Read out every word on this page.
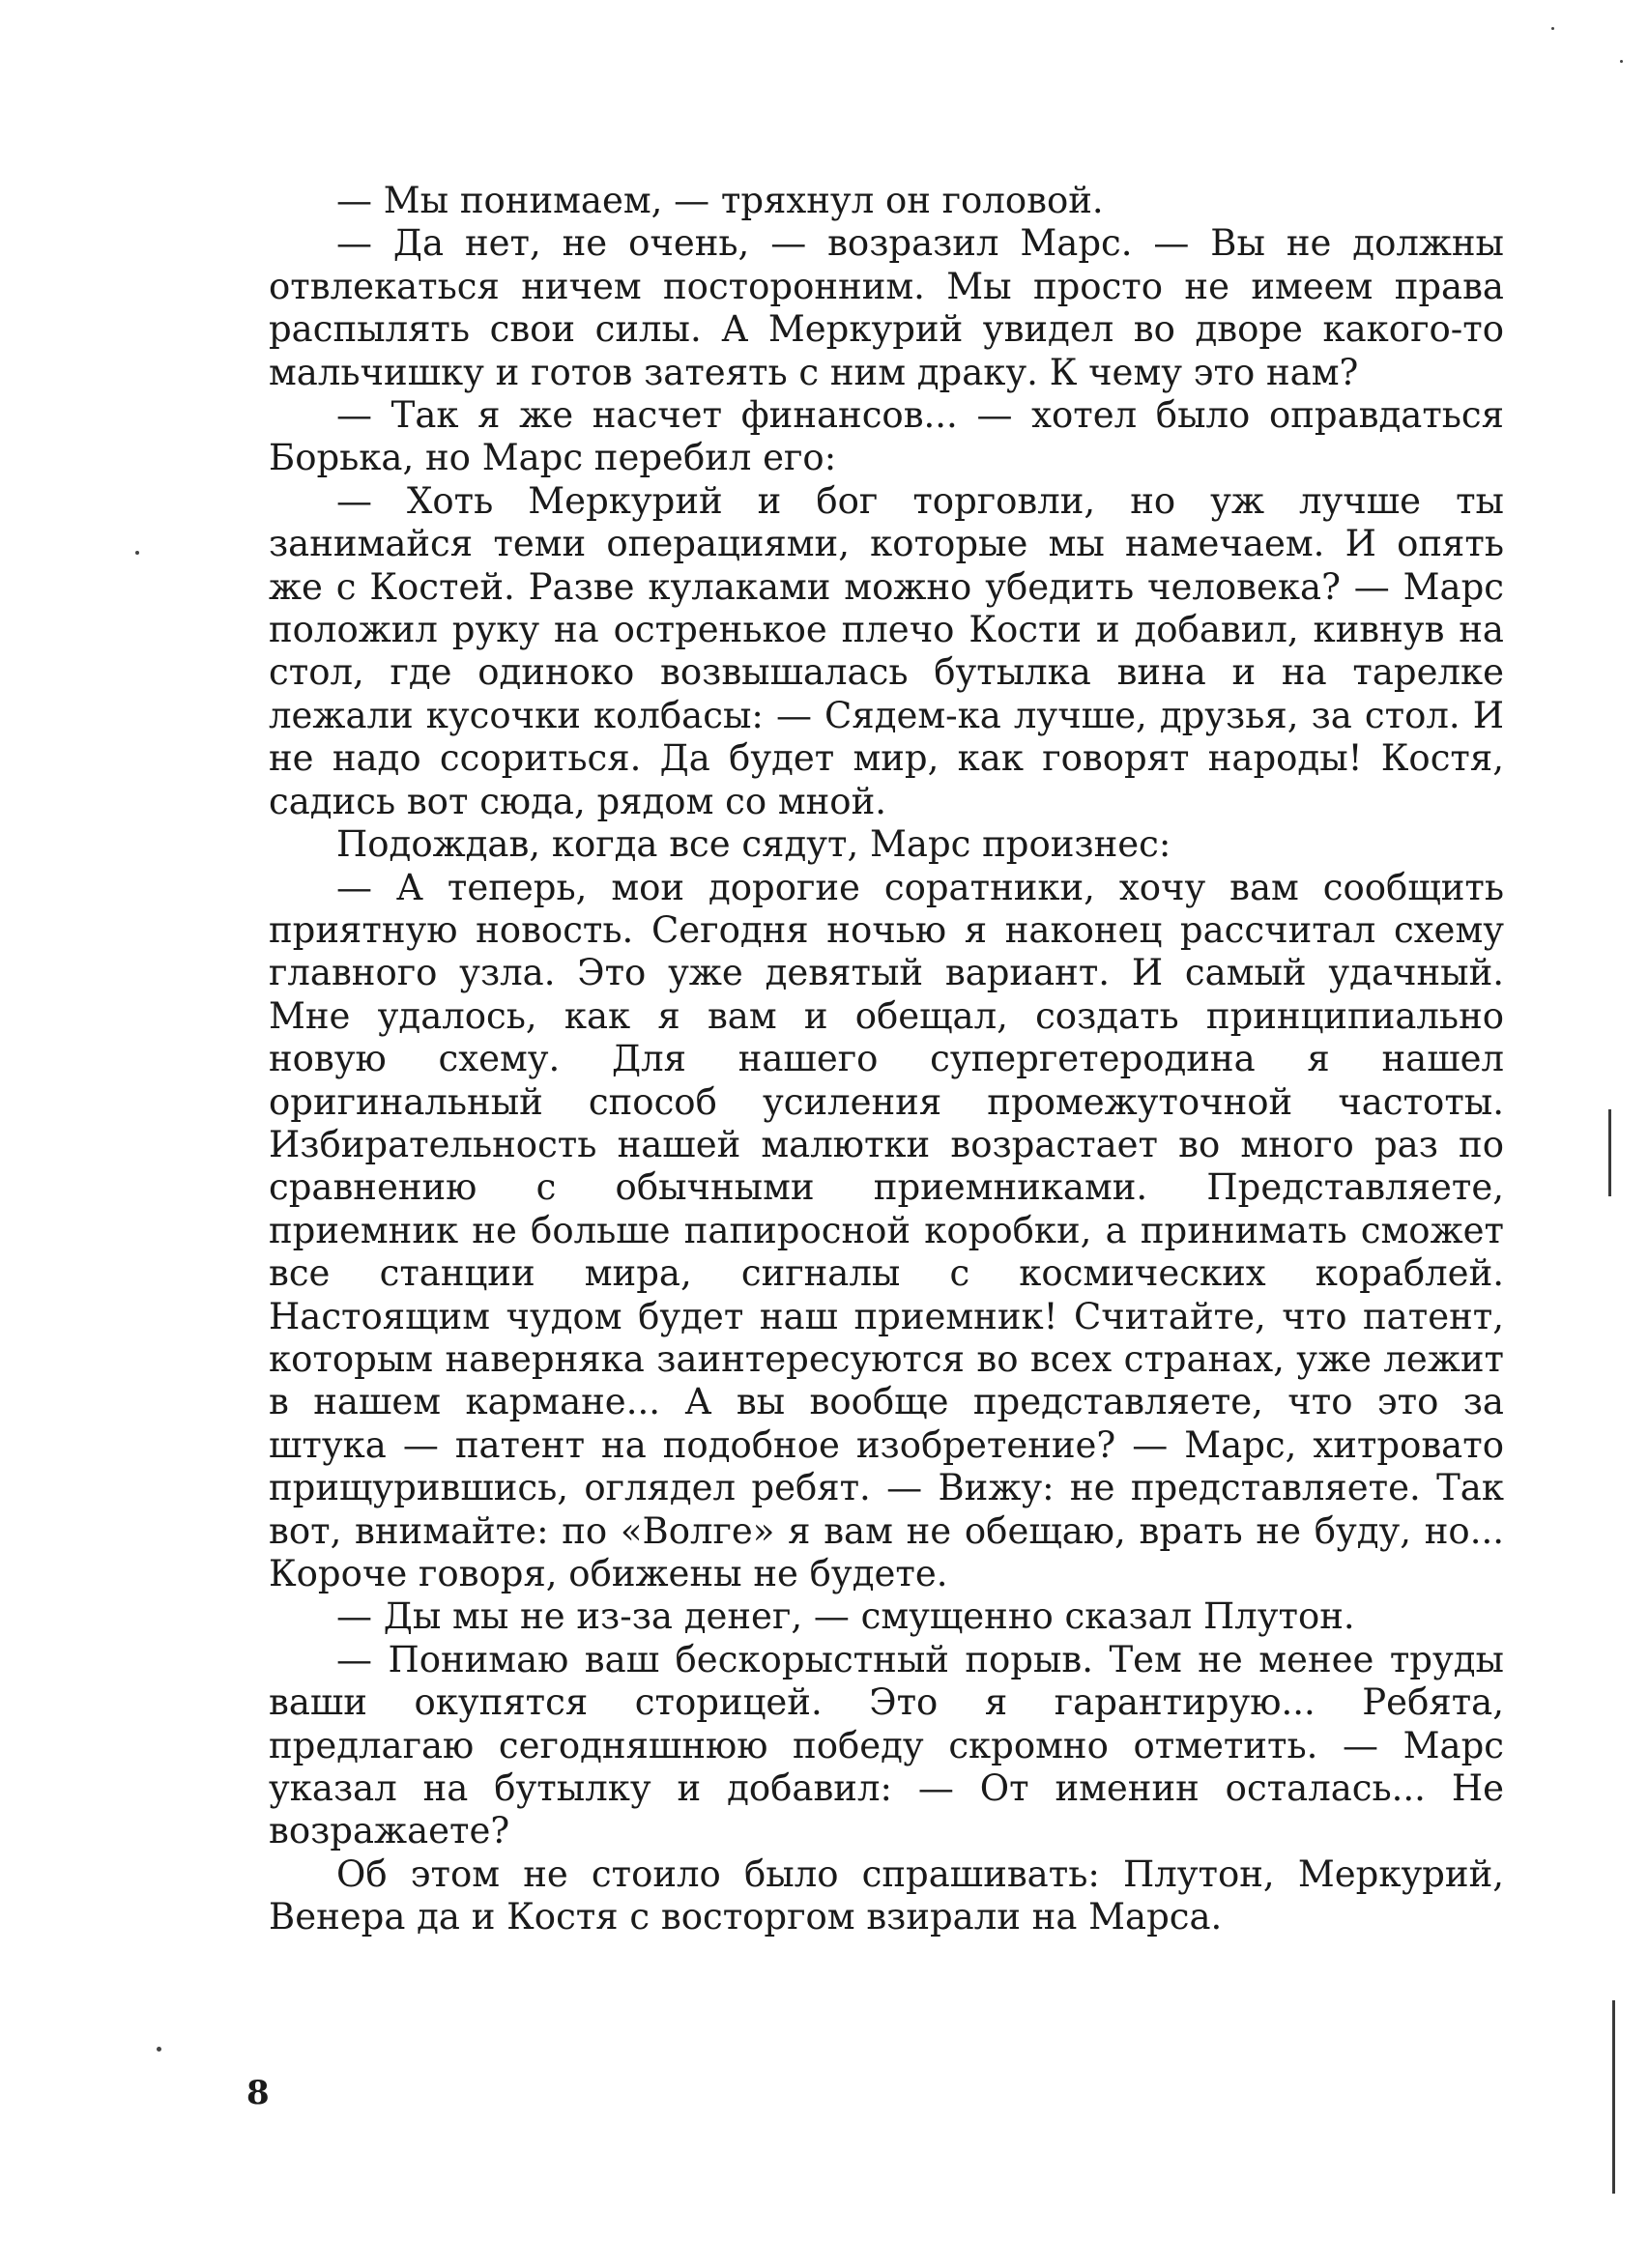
— Мы понимаем, — тряхнул он головой.

— Да нет, не очень, — возразил Марс. — Вы не должны отвлекаться ничем посторонним. Мы просто не имеем права распылять свои силы. А Меркурий увидел во дворе какого-то мальчишку и готов затеять с ним драку. К чему это нам?

— Так я же насчет финансов... — хотел было оправдаться Борька, но Марс перебил его:

— Хоть Меркурий и бог торговли, но уж лучше ты занимайся теми операциями, которые мы намечаем. И опять же с Костей. Разве кулаками можно убедить человека? — Марс положил руку на остренькое плечо Кости и добавил, кивнув на стол, где одиноко возвышалась бутылка вина и на тарелке лежали кусочки колбасы: — Сядем-ка лучше, друзья, за стол. И не надо ссориться. Да будет мир, как говорят народы! Костя, садись вот сюда, рядом со мной.

Подождав, когда все сядут, Марс произнес:

— А теперь, мои дорогие соратники, хочу вам сообщить приятную новость. Сегодня ночью я наконец рассчитал схему главного узла. Это уже девятый вариант. И самый удачный. Мне удалось, как я вам и обещал, создать принципиально новую схему. Для нашего супергетеродина я нашел оригинальный способ усиления промежуточной частоты. Избирательность нашей малютки возрастает во много раз по сравнению с обычными приемниками. Представляете, приемник не больше папиросной коробки, а принимать сможет все станции мира, сигналы с космических кораблей. Настоящим чудом будет наш приемник! Считайте, что патент, которым наверняка заинтересуются во всех странах, уже лежит в нашем кармане... А вы вообще представляете, что это за штука — патент на подобное изобретение? — Марс, хитровато прищурившись, оглядел ребят. — Вижу: не представляете. Так вот, внимайте: по «Волге» я вам не обещаю, врать не буду, но... Короче говоря, обижены не будете.

— Ды мы не из-за денег, — смущенно сказал Плутон.

— Понимаю ваш бескорыстный порыв. Тем не менее труды ваши окупятся сторицей. Это я гарантирую... Ребята, предлагаю сегодняшнюю победу скромно отметить. — Марс указал на бутылку и добавил: — От именин осталась... Не возражаете?

Об этом не стоило было спрашивать: Плутон, Меркурий, Венера да и Костя с восторгом взирали на Марса.

8
